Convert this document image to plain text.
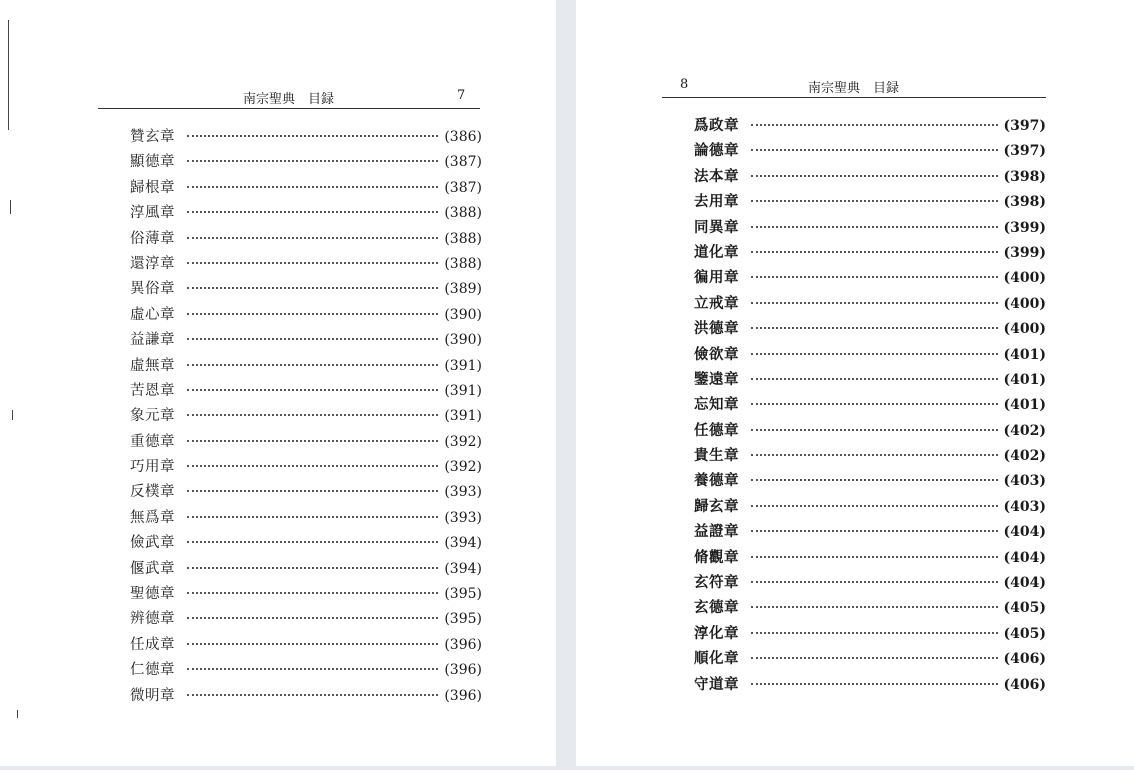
南宗聖典　目録	7
贊玄章	(386)
顯德章	(387)
歸根章	(387)
淳風章	(388)
俗薄章	(388)
還淳章	(388)
異俗章	(389)
虛心章	(390)
益謙章	(390)
虛無章	(391)
苦恩章	(391)
象元章	(391)
重德章	(392)
巧用章	(392)
反樸章	(393)
無爲章	(393)
儉武章	(394)
偃武章	(394)
聖德章	(395)
辨德章	(395)
任成章	(396)
仁德章	(396)
微明章	(396)
8	南宗聖典　目録
爲政章	(397)
論德章	(397)
法本章	(398)
去用章	(398)
同異章	(399)
道化章	(399)
徧用章	(400)
立戒章	(400)
洪德章	(400)
儉欲章	(401)
鑒遠章	(401)
忘知章	(401)
任德章	(402)
貴生章	(402)
養德章	(403)
歸玄章	(403)
益證章	(404)
脩觀章	(404)
玄符章	(404)
玄德章	(405)
淳化章	(405)
順化章	(406)
守道章	(406)
